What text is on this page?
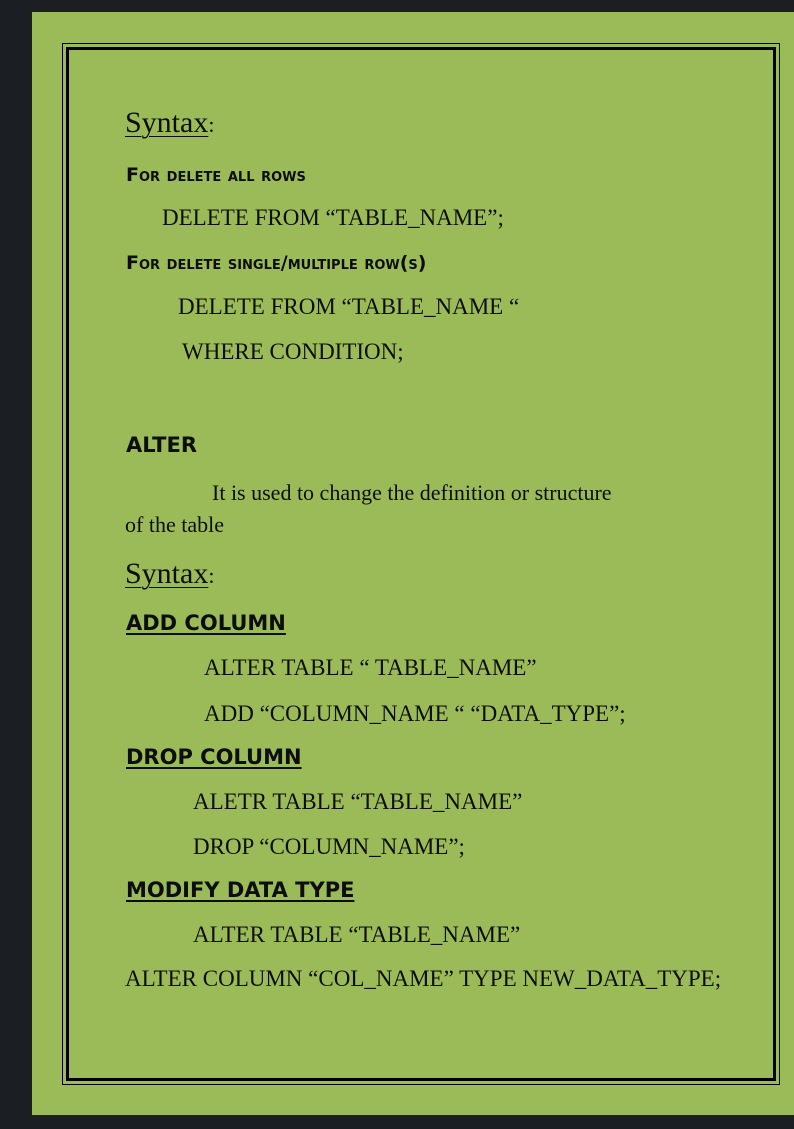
Syntax:
For delete all rows
DELETE FROM “TABLE_NAME”;
For delete single/multiple row(s)
DELETE FROM “TABLE_NAME “
WHERE CONDITION;
ALTER
It is used to change the definition or structure
of the table
Syntax:
ADD COLUMN
ALTER TABLE “ TABLE_NAME”
ADD “COLUMN_NAME “ “DATA_TYPE”;
DROP COLUMN
ALETR TABLE “TABLE_NAME”
DROP “COLUMN_NAME”;
MODIFY DATA TYPE
ALTER TABLE “TABLE_NAME”
ALTER COLUMN “COL_NAME” TYPE NEW_DATA_TYPE;
